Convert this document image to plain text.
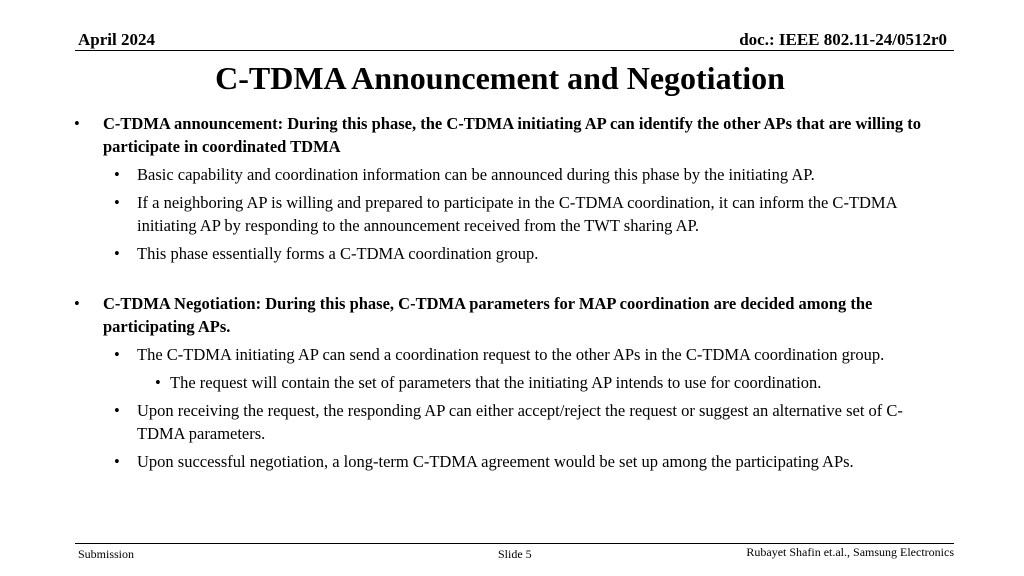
April 2024	doc.: IEEE 802.11-24/0512r0
C-TDMA Announcement and Negotiation
• C-TDMA announcement: During this phase, the C-TDMA initiating AP can identify the other APs that are willing to participate in coordinated TDMA
• Basic capability and coordination information can be announced during this phase by the initiating AP.
• If a neighboring AP is willing and prepared to participate in the C-TDMA coordination, it can inform the C-TDMA initiating AP by responding to the announcement received from the TWT sharing AP.
• This phase essentially forms a C-TDMA coordination group.
• C-TDMA Negotiation: During this phase, C-TDMA parameters for MAP coordination are decided among the participating APs.
• The C-TDMA initiating AP can send a coordination request to the other APs in the C-TDMA coordination group.
• The request will contain the set of parameters that the initiating AP intends to use for coordination.
• Upon receiving the request, the responding AP can either accept/reject the request or suggest an alternative set of C-TDMA parameters.
• Upon successful negotiation, a long-term C-TDMA agreement would be set up among the participating APs.
Submission	Slide 5	Rubayet Shafin et.al., Samsung Electronics
